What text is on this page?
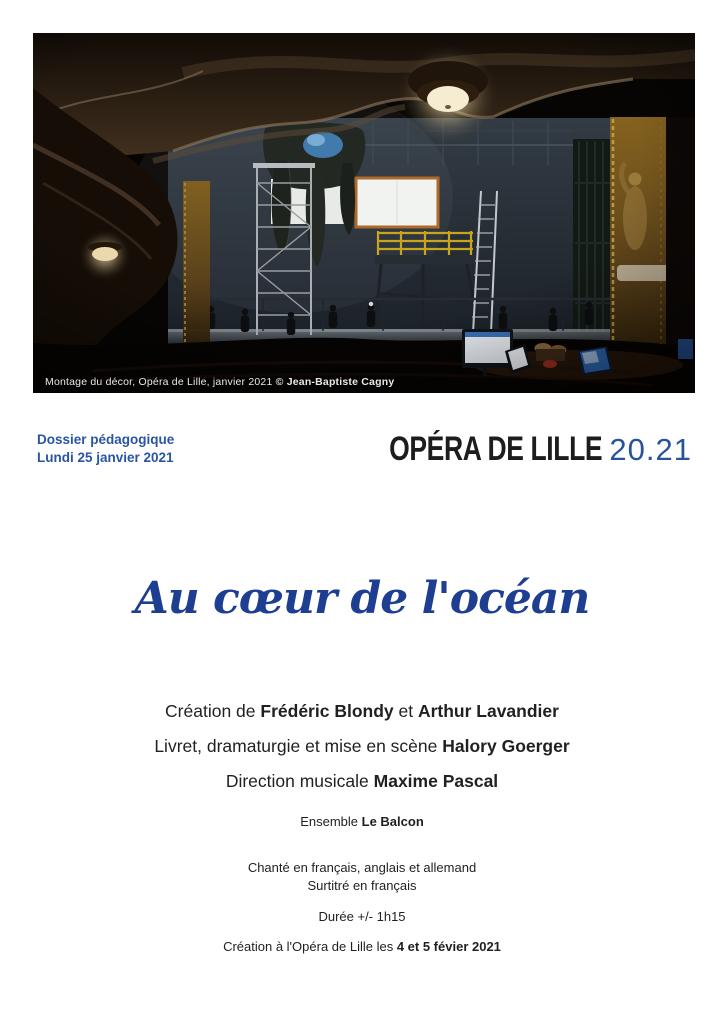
Montage du décor, Opéra de Lille, janvier 2021 © Jean-Baptiste Cagny
Dossier pédagogique
Lundi 25 janvier 2021	OPÉRA DE LILLE 20.21
Au cœur de l'océan
Création de Frédéric Blondy et Arthur Lavandier
Livret, dramaturgie et mise en scène Halory Goerger
Direction musicale Maxime Pascal
Ensemble Le Balcon
Chanté en français, anglais et allemand
Surtitré en français
Durée +/- 1h15
Création à l'Opéra de Lille les 4 et 5 févier 2021
